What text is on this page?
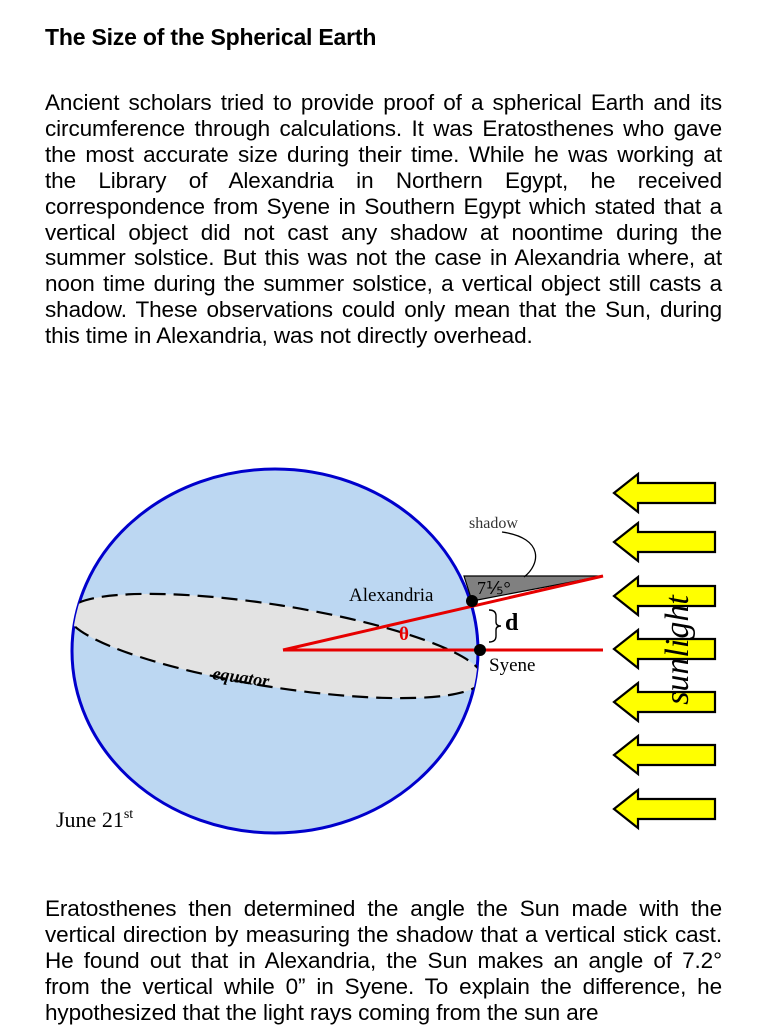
The Size of the Spherical Earth

Ancient scholars tried to provide proof of a spherical Earth and its circumference through calculations. It was Eratosthenes who gave the most accurate size during their time. While he was working at the Library of Alexandria in Northern Egypt, he received correspondence from Syene in Southern Egypt which stated that a vertical object did not cast any shadow at noontime during the summer solstice. But this was not the case in Alexandria where, at noon time during the summer solstice, a vertical object still casts a shadow. These observations could only mean that the Sun, during this time in Alexandria, was not directly overhead.

shadow
Alexandria 7⅕°
d
θ
Syene
equator
June 21st
sunlight

Eratosthenes then determined the angle the Sun made with the vertical direction by measuring the shadow that a vertical stick cast. He found out that in Alexandria, the Sun makes an angle of 7.2° from the vertical while 0” in Syene. To explain the difference, he hypothesized that the light rays coming from the sun are
